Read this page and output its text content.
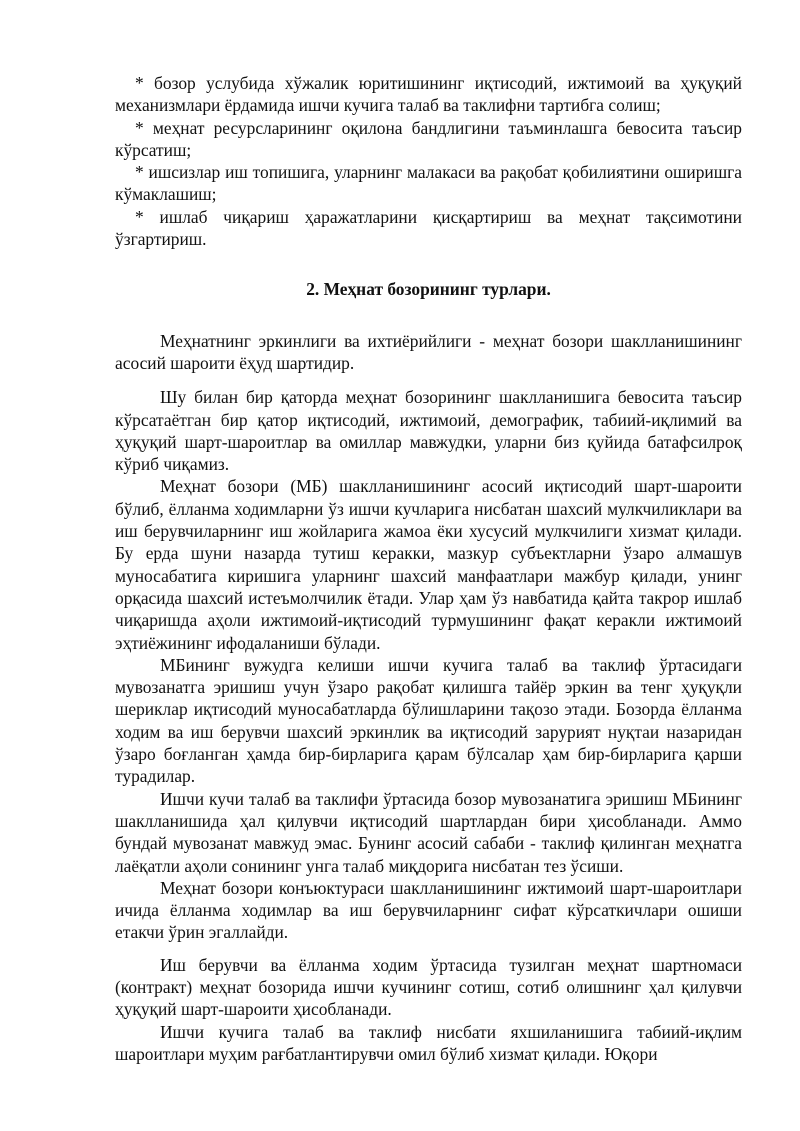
* бозор услубида хўжалик юритишининг иқтисодий, ижтимоий ва ҳуқуқий механизмлари ёрдамида ишчи кучига талаб ва таклифни тартибга солиш;

* меҳнат ресурсларининг оқилона бандлигини таъминлашга бевосита таъсир кўрсатиш;

* ишсизлар иш топишига, уларнинг малакаси ва рақобат қобилиятини оширишга кўмаклашиш;

* ишлаб чиқариш ҳаражатларини қисқартириш ва меҳнат тақсимотини ўзгартириш.

2. Меҳнат бозорининг турлари.

Меҳнатнинг эркинлиги ва ихтиёрийлиги - меҳнат бозори шаклланишининг асосий шароити ёҳуд шартидир.

Шу билан бир қаторда меҳнат бозорининг шаклланишига бевосита таъсир кўрсатаётган бир қатор иқтисодий, ижтимоий, демографик, табиий-иқлимий ва ҳуқуқий шарт-шароитлар ва омиллар мавжудки, уларни биз қуйида батафсилроқ кўриб чиқамиз.

Меҳнат бозори (МБ) шаклланишининг асосий иқтисодий шарт-шароити бўлиб, ёлланма ходимларни ўз ишчи кучларига нисбатан шахсий мулкчиликлари ва иш берувчиларнинг иш жойларига жамоа ёки хусусий мулкчилиги хизмат қилади. Бу ерда шуни назарда тутиш керакки, мазкур субъектларни ўзаро алмашув муносабатига киришига уларнинг шахсий манфаатлари мажбур қилади, унинг орқасида шахсий истеъмолчилик ётади. Улар ҳам ўз навбатида қайта такрор ишлаб чиқаришда аҳоли ижтимоий-иқтисодий турмушининг фақат керакли ижтимоий эҳтиёжининг ифодаланиши бўлади.

МБининг вужудга келиши ишчи кучига талаб ва таклиф ўртасидаги мувозанатга эришиш учун ўзаро рақобат қилишга тайёр эркин ва тенг ҳуқуқли шериклар иқтисодий муносабатларда бўлишларини тақозо этади. Бозорда ёлланма ходим ва иш берувчи шахсий эркинлик ва иқтисодий зарурият нуқтаи назаридан ўзаро боғланган ҳамда бир-бирларига қарам бўлсалар ҳам бир-бирларига қарши турадилар.

Ишчи кучи талаб ва таклифи ўртасида бозор мувозанатига эришиш МБининг шаклланишида ҳал қилувчи иқтисодий шартлардан бири ҳисобланади. Аммо бундай мувозанат мавжуд эмас. Бунинг асосий сабаби - таклиф қилинган меҳнатга лаёқатли аҳоли сонининг унга талаб миқдорига нисбатан тез ўсиши.

Меҳнат бозори конъюктураси шаклланишининг ижтимоий шарт-шароитлари ичида ёлланма ходимлар ва иш берувчиларнинг сифат кўрсаткичлари ошиши етакчи ўрин эгаллайди.

Иш берувчи ва ёлланма ходим ўртасида тузилган меҳнат шартномаси (контракт) меҳнат бозорида ишчи кучининг сотиш, сотиб олишнинг ҳал қилувчи ҳуқуқий шарт-шароити ҳисобланади.

Ишчи кучига талаб ва таклиф нисбати яхшиланишига табиий-иқлим шароитлари муҳим рағбатлантирувчи омил бўлиб хизмат қилади. Юқори
